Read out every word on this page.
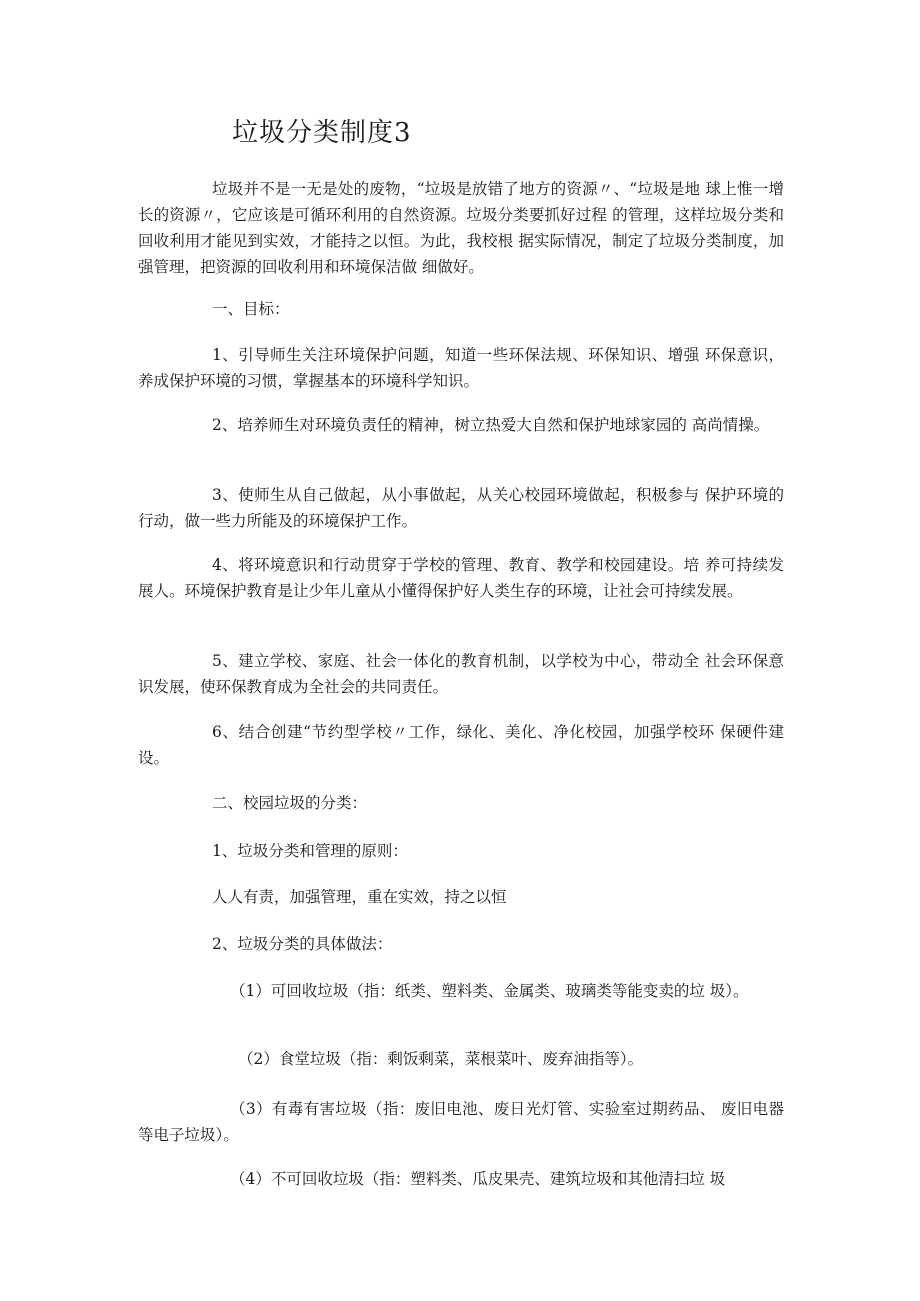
垃圾分类制度3

垃圾并不是一无是处的废物，“垃圾是放错了地方的资源〃、“垃圾是地 球上惟一增长的资源〃，它应该是可循环利用的自然资源。垃圾分类要抓好过程 的管理，这样垃圾分类和回收利用才能见到实效，才能持之以恒。为此，我校根 据实际情况，制定了垃圾分类制度，加强管理，把资源的回收利用和环境保洁做 细做好。

一、目标：

1、引导师生关注环境保护问题，知道一些环保法规、环保知识、增强 环保意识，养成保护环境的习惯，掌握基本的环境科学知识。

2、培养师生对环境负责任的精神，树立热爱大自然和保护地球家园的 高尚情操。

3、使师生从自己做起，从小事做起，从关心校园环境做起，积极参与 保护环境的行动，做一些力所能及的环境保护工作。

4、将环境意识和行动贯穿于学校的管理、教育、教学和校园建设。培 养可持续发展人。环境保护教育是让少年儿童从小懂得保护好人类生存的环境，让社会可持续发展。

5、建立学校、家庭、社会一体化的教育机制，以学校为中心，带动全 社会环保意识发展，使环保教育成为全社会的共同责任。

6、结合创建“节约型学校〃工作，绿化、美化、净化校园，加强学校环 保硬件建设。

二、校园垃圾的分类：

1、垃圾分类和管理的原则：

人人有责，加强管理，重在实效，持之以恒

2、垃圾分类的具体做法：

（1）可回收垃圾（指：纸类、塑料类、金属类、玻璃类等能变卖的垃 圾）。

（2）食堂垃圾（指：剩饭剩菜，菜根菜叶、废弃油指等）。

（3）有毒有害垃圾（指：废旧电池、废日光灯管、实验室过期药品、 废旧电器等电子垃圾）。

（4）不可回收垃圾（指：塑料类、瓜皮果壳、建筑垃圾和其他清扫垃 圾
